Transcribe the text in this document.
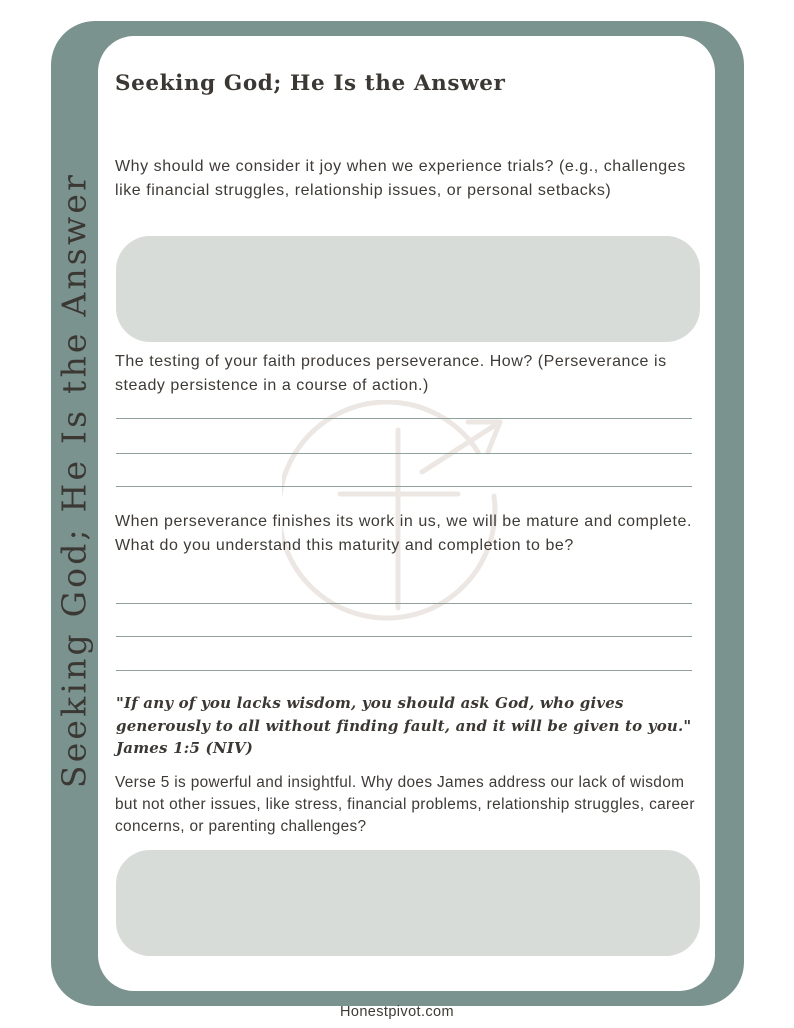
Seeking God; He Is the Answer
Seeking God; He Is the Answer

Why should we consider it joy when we experience trials? (e.g., challenges like financial struggles, relationship issues, or personal setbacks)

The testing of your faith produces perseverance. How? (Perseverance is steady persistence in a course of action.)

When perseverance finishes its work in us, we will be mature and complete. What do you understand this maturity and completion to be?

"If any of you lacks wisdom, you should ask God, who gives generously to all without finding fault, and it will be given to you." James 1:5 (NIV)

Verse 5 is powerful and insightful. Why does James address our lack of wisdom but not other issues, like stress, financial problems, relationship struggles, career concerns, or parenting challenges?

Honestpivot.com
